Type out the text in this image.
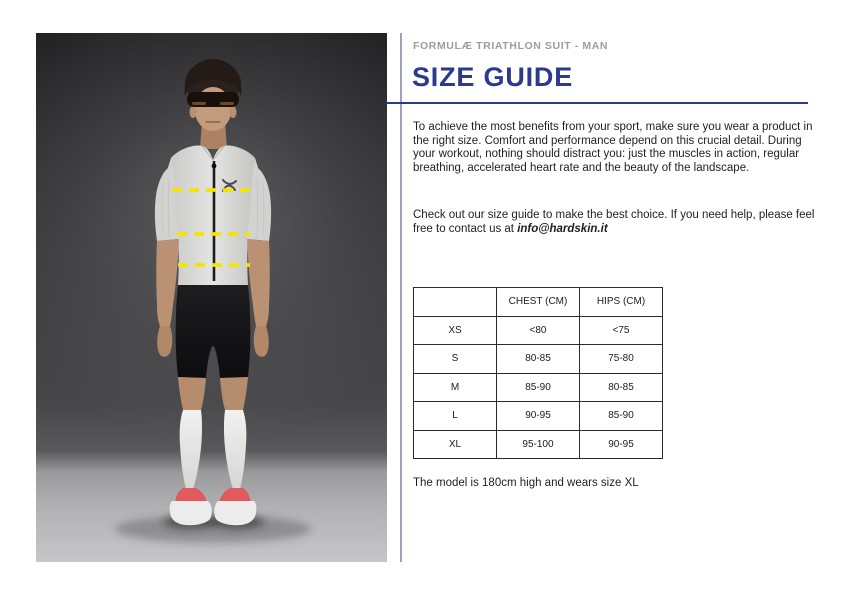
FORMULÆ TRIATHLON SUIT - MAN
SIZE GUIDE

To achieve the most benefits from your sport, make sure you wear a product in the right size. Comfort and performance depend on this crucial detail. During your workout, nothing should distract you: just the muscles in action, regular breathing, accelerated heart rate and the beauty of the landscape.

Check out our size guide to make the best choice. If you need help, please feel free to contact us at info@hardskin.it

	CHEST (CM)	HIPS (CM)
XS	<80	<75
S	80-85	75-80
M	85-90	80-85
L	90-95	85-90
XL	95-100	90-95

The model is 180cm high and wears size XL
